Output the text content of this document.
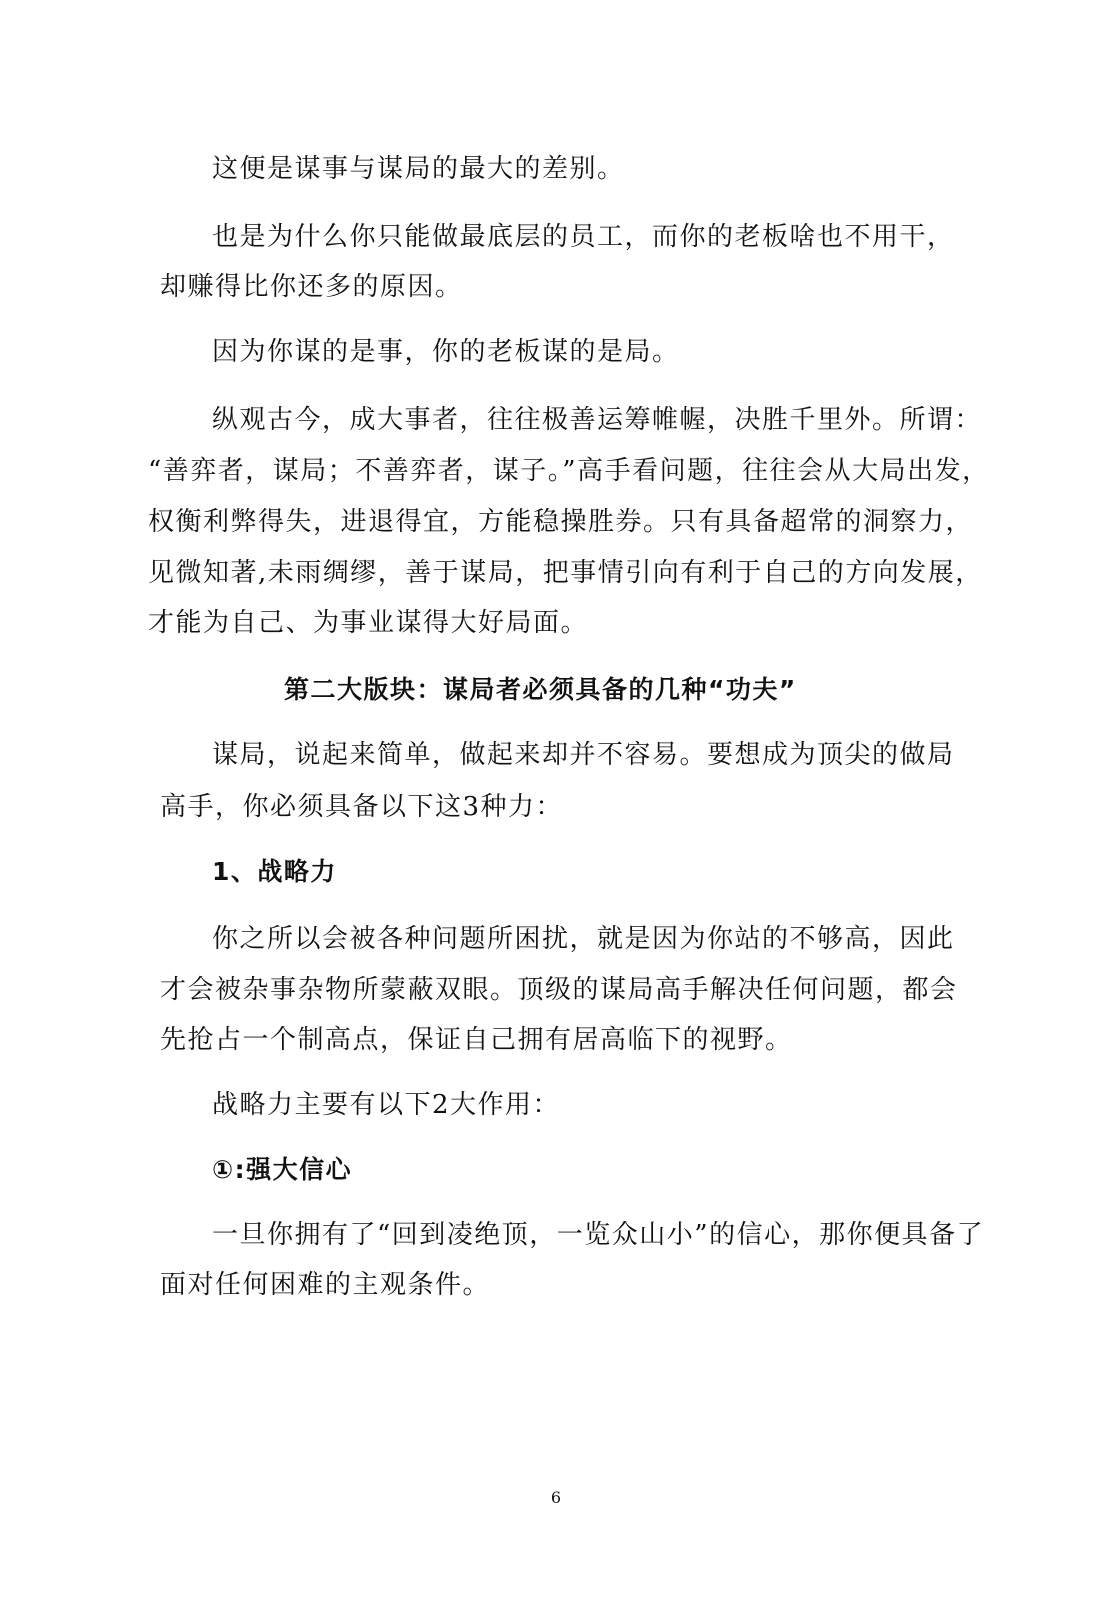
这便是谋事与谋局的最大的差别。
也是为什么你只能做最底层的员工，而你的老板啥也不用干，
却赚得比你还多的原因。
因为你谋的是事，你的老板谋的是局。
纵观古今，成大事者，往往极善运筹帷幄，决胜千里外。所谓：
“善弈者，谋局；不善弈者，谋子。”高手看问题，往往会从大局出发，
权衡利弊得失，进退得宜，方能稳操胜券。只有具备超常的洞察力，
见微知著,未雨绸缪，善于谋局，把事情引向有利于自己的方向发展，
才能为自己、为事业谋得大好局面。
第二大版块：谋局者必须具备的几种“功夫”
谋局，说起来简单，做起来却并不容易。要想成为顶尖的做局
高手，你必须具备以下这3种力：
1、战略力
你之所以会被各种问题所困扰，就是因为你站的不够高，因此
才会被杂事杂物所蒙蔽双眼。顶级的谋局高手解决任何问题，都会
先抢占一个制高点，保证自己拥有居高临下的视野。
战略力主要有以下2大作用：
①:强大信心
一旦你拥有了“回到凌绝顶，一览众山小”的信心，那你便具备了
面对任何困难的主观条件。
6
